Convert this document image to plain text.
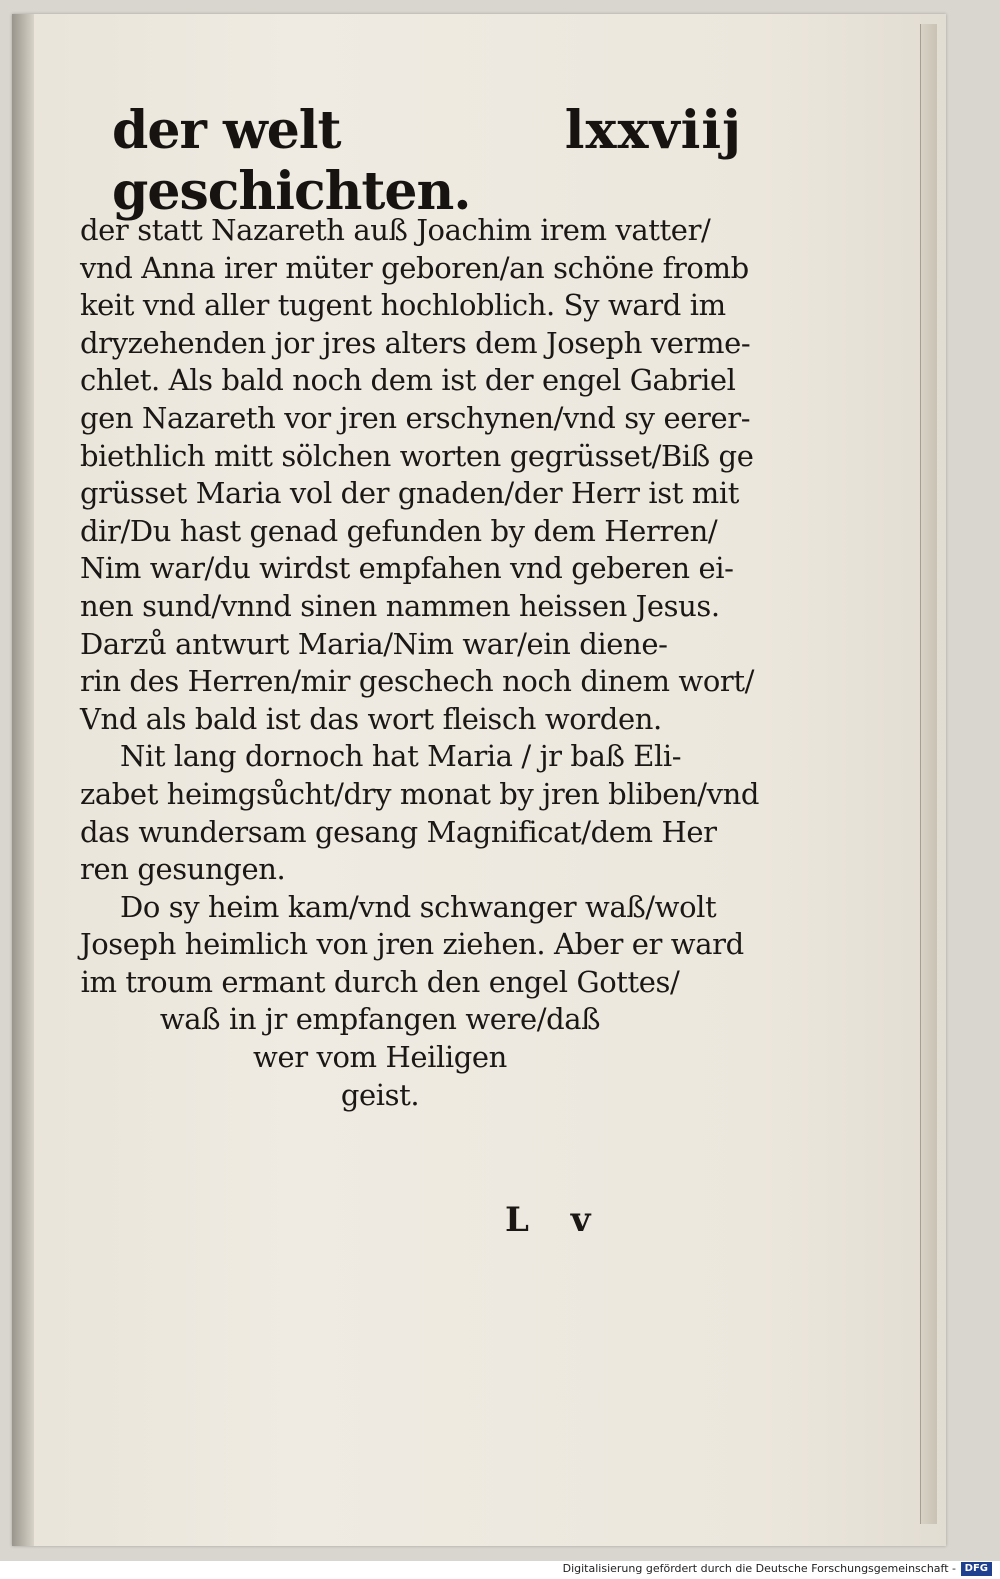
der welt geschichten.
lxxviij
der statt Nazareth auß Joachim irem vatter/
vnd Anna irer müter geboren/an schöne fromb
keit vnd aller tugent hochloblich. Sy ward im
dryzehenden jor jres alters dem Joseph verme-
chlet. Als bald noch dem ist der engel Gabriel
gen Nazareth vor jren erschynen/vnd sy eerer-
biethlich mitt sölchen worten gegrüsset/Biß ge
grüsset Maria vol der gnaden/der Herr ist mit
dir/Du hast genad gefunden by dem Herren/
Nim war/du wirdst empfahen vnd geberen ei-
nen sund/vnnd sinen nammen heissen Jesus.
Darzů antwurt Maria/Nim war/ein diene-
rin des Herren/mir geschech noch dinem wort/
Vnd als bald ist das wort fleisch worden.
Nit lang dornoch hat Maria / jr baß Eli-
zabet heimgsůcht/dry monat by jren bliben/vnd
das wundersam gesang Magnificat/dem Her
ren gesungen.
Do sy heim kam/vnd schwanger waß/wolt
Joseph heimlich von jren ziehen. Aber er ward
im troum ermant durch den engel Gottes/
waß in jr empfangen were/daß
wer vom Heiligen
geist.
L v
Digitalisierung gefördert durch die Deutsche Forschungsgemeinschaft - DFG
